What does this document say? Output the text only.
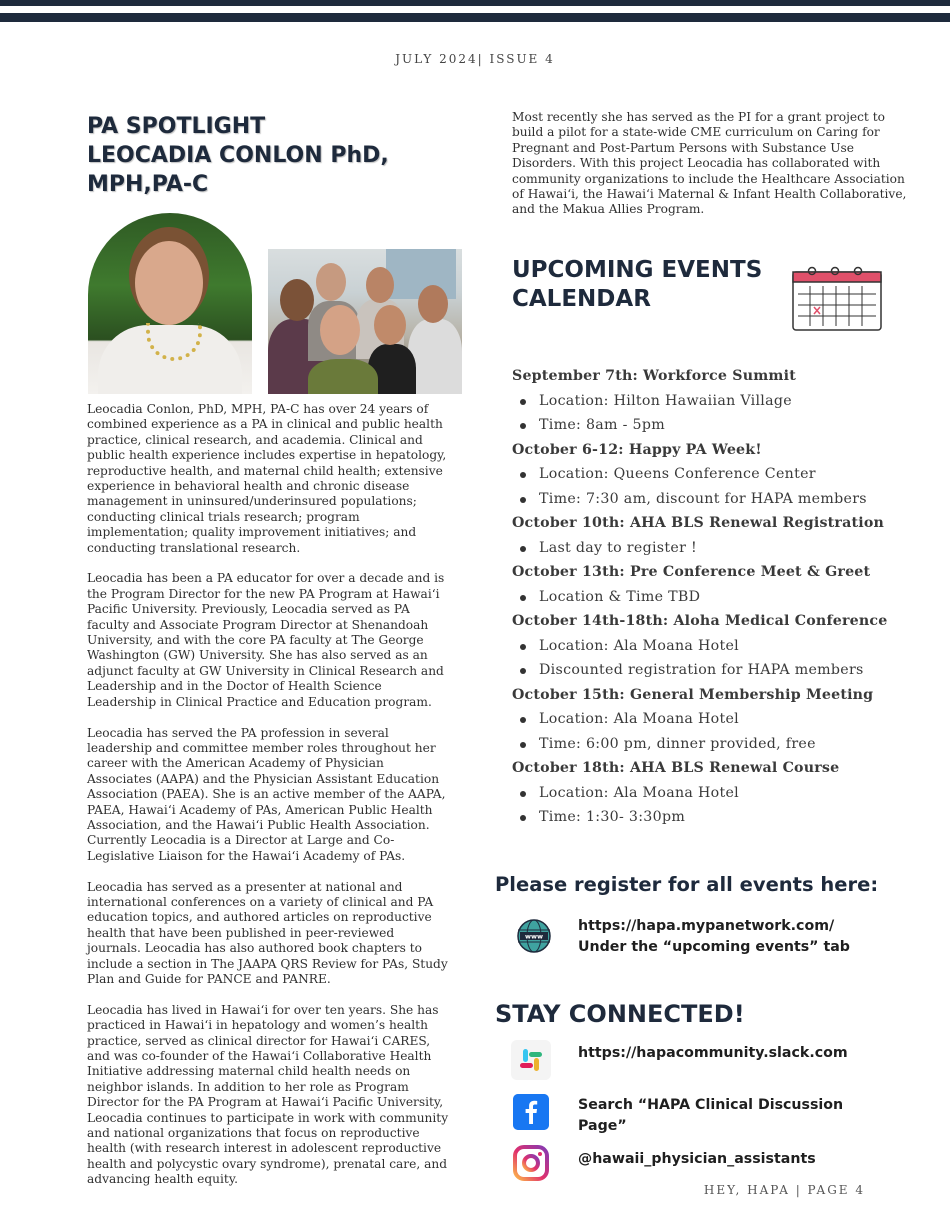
JULY 2024| ISSUE 4
PA SPOTLIGHT
LEOCADIA CONLON PhD,
MPH,PA-C

Leocadia Conlon, PhD, MPH, PA-C has over 24 years of combined experience as a PA in clinical and public health practice, clinical research, and academia. Clinical and public health experience includes expertise in hepatology, reproductive health, and maternal child health; extensive experience in behavioral health and chronic disease management in uninsured/underinsured populations; conducting clinical trials research; program implementation; quality improvement initiatives; and conducting translational research.

Leocadia has been a PA educator for over a decade and is the Program Director for the new PA Program at Hawaiʻi Pacific University. Previously, Leocadia served as PA faculty and Associate Program Director at Shenandoah University, and with the core PA faculty at The George Washington (GW) University. She has also served as an adjunct faculty at GW University in Clinical Research and Leadership and in the Doctor of Health Science Leadership in Clinical Practice and Education program.

Leocadia has served the PA profession in several leadership and committee member roles throughout her career with the American Academy of Physician Associates (AAPA) and the Physician Assistant Education Association (PAEA). She is an active member of the AAPA, PAEA, Hawaiʻi Academy of PAs, American Public Health Association, and the Hawaiʻi Public Health Association. Currently Leocadia is a Director at Large and Co-Legislative Liaison for the Hawaiʻi Academy of PAs.

Leocadia has served as a presenter at national and international conferences on a variety of clinical and PA education topics, and authored articles on reproductive health that have been published in peer-reviewed journals. Leocadia has also authored book chapters to include a section in The JAAPA QRS Review for PAs, Study Plan and Guide for PANCE and PANRE.

Leocadia has lived in Hawaiʻi for over ten years. She has practiced in Hawaiʻi in hepatology and women’s health practice, served as clinical director for Hawaiʻi CARES, and was co-founder of the Hawaiʻi Collaborative Health Initiative addressing maternal child health needs on neighbor islands. In addition to her role as Program Director for the PA Program at Hawaiʻi Pacific University, Leocadia continues to participate in work with community and national organizations that focus on reproductive health (with research interest in adolescent reproductive health and polycystic ovary syndrome), prenatal care, and advancing health equity.

Most recently she has served as the PI for a grant project to build a pilot for a state-wide CME curriculum on Caring for Pregnant and Post-Partum Persons with Substance Use Disorders. With this project Leocadia has collaborated with community organizations to include the Healthcare Association of Hawaiʻi, the Hawaiʻi Maternal & Infant Health Collaborative, and the Makua Allies Program.
UPCOMING EVENTS
CALENDAR
September 7th: Workforce Summit
Location: Hilton Hawaiian Village
Time: 8am - 5pm
October 6-12: Happy PA Week!
Location: Queens Conference Center
Time: 7:30 am, discount for HAPA members
October 10th: AHA BLS Renewal Registration
Last day to register !
October 13th: Pre Conference Meet & Greet
Location & Time TBD
October 14th-18th: Aloha Medical Conference
Location: Ala Moana Hotel
Discounted registration for HAPA members
October 15th: General Membership Meeting
Location: Ala Moana Hotel
Time: 6:00 pm, dinner provided, free
October 18th: AHA BLS Renewal Course
Location: Ala Moana Hotel
Time: 1:30- 3:30pm
Please register for all events here:
www
https://hapa.mypanetwork.com/
Under the “upcoming events” tab
STAY CONNECTED!
https://hapacommunity.slack.com
Search “HAPA Clinical Discussion
Page”
@hawaii_physician_assistants
HEY, HAPA | PAGE 4
